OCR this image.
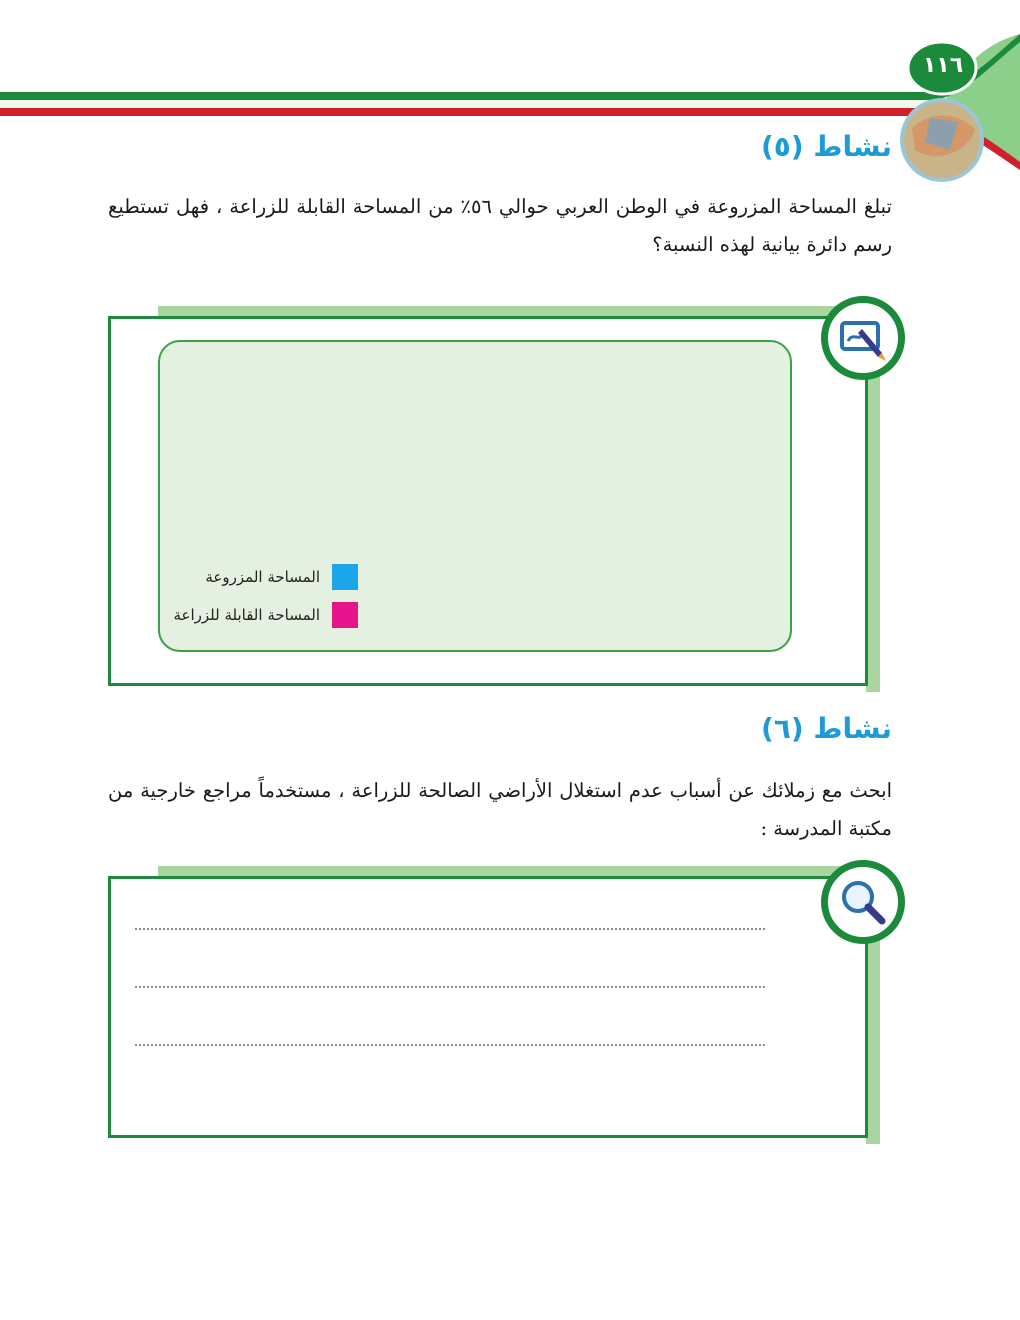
١١٦
نشاط (٥)
تبلغ المساحة المزروعة في الوطن العربي حوالي ٥٦٪ من المساحة القابلة للزراعة ، فهل تستطيع رسم دائرة بيانية لهذه النسبة؟
المساحة المزروعة
المساحة القابلة للزراعة
نشاط (٦)
ابحث مع زملائك عن أسباب عدم استغلال الأراضي الصالحة للزراعة ، مستخدماً مراجع خارجية من مكتبة المدرسة :
